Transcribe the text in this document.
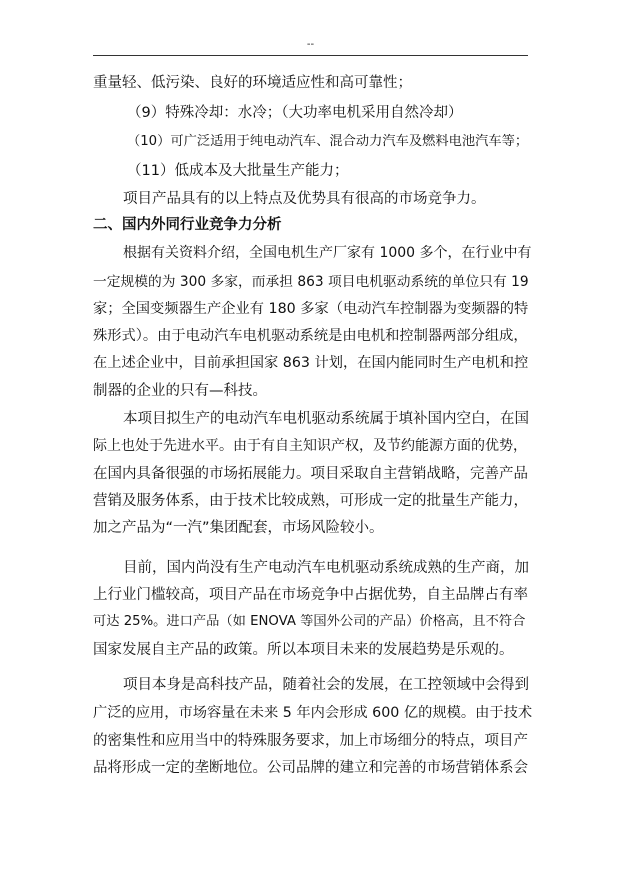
--
重量轻、低污染、良好的环境适应性和高可靠性；
（9）特殊冷却：水冷；（大功率电机采用自然冷却）
（10）可广泛适用于纯电动汽车、混合动力汽车及燃料电池汽车等；
（11）低成本及大批量生产能力；
项目产品具有的以上特点及优势具有很高的市场竞争力。
二、国内外同行业竞争力分析
根据有关资料介绍，全国电机生产厂家有 1000 多个，在行业中有
一定规模的为 300 多家，而承担 863 项目电机驱动系统的单位只有 19
家；全国变频器生产企业有 180 多家（电动汽车控制器为变频器的特
殊形式）。由于电动汽车电机驱动系统是由电机和控制器两部分组成，
在上述企业中，目前承担国家 863 计划，在国内能同时生产电机和控
制器的企业的只有—科技。
本项目拟生产的电动汽车电机驱动系统属于填补国内空白，在国
际上也处于先进水平。由于有自主知识产权，及节约能源方面的优势，
在国内具备很强的市场拓展能力。项目采取自主营销战略，完善产品
营销及服务体系，由于技术比较成熟，可形成一定的批量生产能力，
加之产品为“一汽”集团配套，市场风险较小。
目前，国内尚没有生产电动汽车电机驱动系统成熟的生产商，加
上行业门槛较高，项目产品在市场竞争中占据优势，自主品牌占有率
可达 25%。进口产品（如 ENOVA 等国外公司的产品）价格高，且不符合
国家发展自主产品的政策。所以本项目未来的发展趋势是乐观的。
项目本身是高科技产品，随着社会的发展，在工控领域中会得到
广泛的应用，市场容量在未来 5 年内会形成 600 亿的规模。由于技术
的密集性和应用当中的特殊服务要求，加上市场细分的特点，项目产
品将形成一定的垄断地位。公司品牌的建立和完善的市场营销体系会
